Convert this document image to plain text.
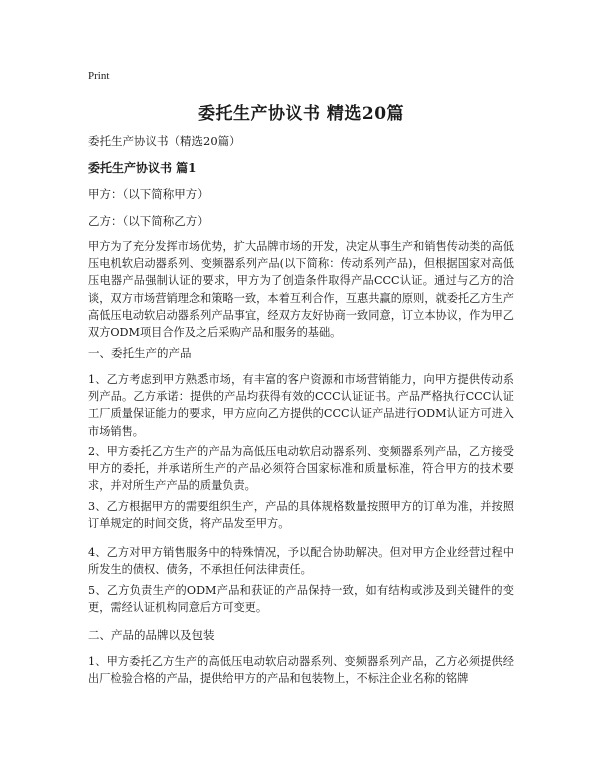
Print
委托生产协议书 精选20篇
委托生产协议书（精选20篇）
委托生产协议书 篇1
甲方：（以下简称甲方）
乙方：（以下简称乙方）
甲方为了充分发挥市场优势，扩大品牌市场的开发，决定从事生产和销售传动类的高低压电机软启动器系列、变频器系列产品(以下简称：传动系列产品)，但根据国家对高低压电器产品强制认证的要求，甲方为了创造条件取得产品CCC认证。通过与乙方的洽谈，双方市场营销理念和策略一致，本着互利合作，互惠共赢的原则，就委托乙方生产高低压电动软启动器系列产品事宜，经双方友好协商一致同意，订立本协议，作为甲乙双方ODM项目合作及之后采购产品和服务的基础。
一、委托生产的产品
1、乙方考虑到甲方熟悉市场，有丰富的客户资源和市场营销能力，向甲方提供传动系列产品。乙方承诺：提供的产品均获得有效的CCC认证证书。产品严格执行CCC认证工厂质量保证能力的要求，甲方应向乙方提供的CCC认证产品进行ODM认证方可进入市场销售。
2、甲方委托乙方生产的产品为高低压电动软启动器系列、变频器系列产品，乙方接受甲方的委托，并承诺所生产的产品必须符合国家标准和质量标准，符合甲方的技术要求，并对所生产产品的质量负责。
3、乙方根据甲方的需要组织生产，产品的具体规格数量按照甲方的订单为准，并按照订单规定的时间交货，将产品发至甲方。
4、乙方对甲方销售服务中的特殊情况，予以配合协助解决。但对甲方企业经营过程中所发生的债权、债务，不承担任何法律责任。
5、乙方负责生产的ODM产品和获证的产品保持一致，如有结构或涉及到关键件的变更，需经认证机构同意后方可变更。
二、产品的品牌以及包装
1、甲方委托乙方生产的高低压电动软启动器系列、变频器系列产品，乙方必须提供经出厂检验合格的产品，提供给甲方的产品和包装物上，不标注企业名称的铭牌
